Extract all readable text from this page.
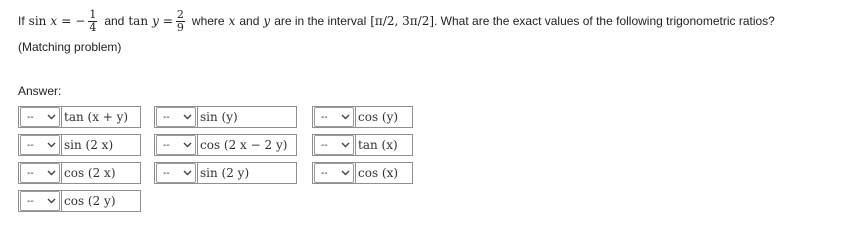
If sin x = − $\frac{1}{4}$ and $\tan y = \frac{2}{9}$ where x and y are in the interval [π/2, 3π/2] . What are the exact values of the following trigonometric ratios?
(Matching problem)
Answer:
--	tan (x + y)
--	sin (2 x)
--	cos (2 x)
--	cos (2 y)
--	sin (y)
--	cos (2 x − 2 y)
--	sin (2 y)
--	cos (y)
--	tan (x)
--	cos (x)
